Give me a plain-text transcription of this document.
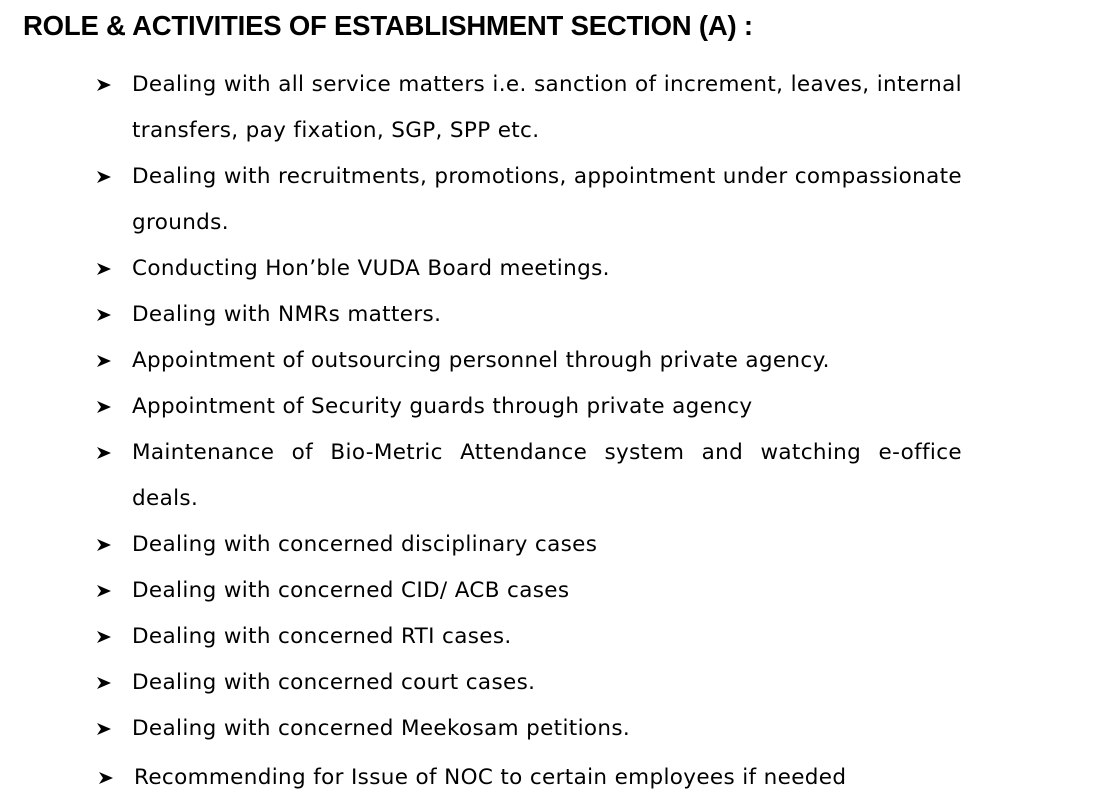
ROLE & ACTIVITIES OF ESTABLISHMENT SECTION (A) :
Dealing with all service matters i.e. sanction of increment, leaves, internal transfers, pay fixation, SGP, SPP etc.
Dealing with recruitments, promotions, appointment under compassionate grounds.
Conducting Hon’ble VUDA Board meetings.
Dealing with NMRs matters.
Appointment of outsourcing personnel through private agency.
Appointment of Security guards through private agency
Maintenance of Bio-Metric Attendance system and watching e-office deals.
Dealing with concerned disciplinary cases
Dealing with concerned CID/ ACB cases
Dealing with concerned RTI cases.
Dealing with concerned court cases.
Dealing with concerned Meekosam petitions.
Recommending for Issue of NOC to certain employees if needed
